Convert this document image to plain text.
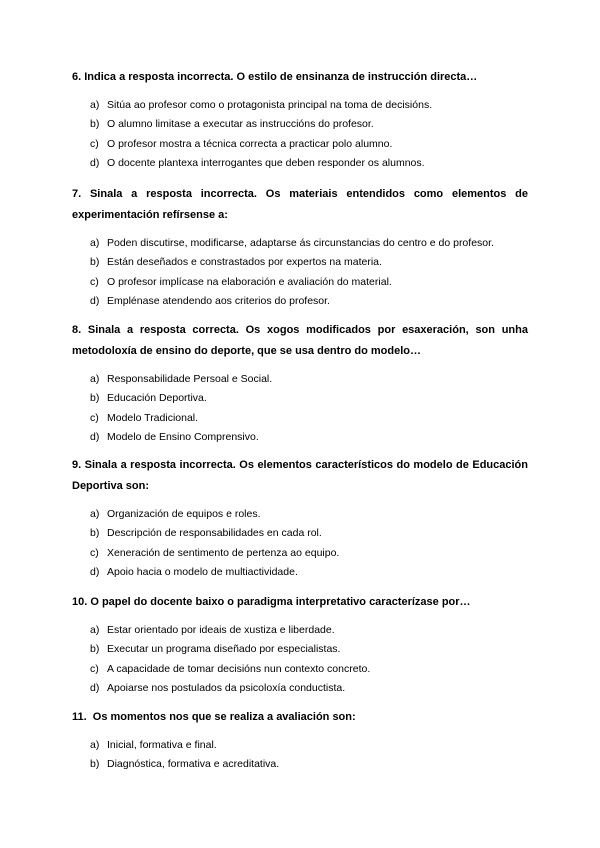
6. Indica a resposta incorrecta. O estilo de ensinanza de instrucción directa…

a) Sitúa ao profesor como o protagonista principal na toma de decisións.
b) O alumno limitase a executar as instruccións do profesor.
c) O profesor mostra a técnica correcta a practicar polo alumno.
d) O docente plantexa interrogantes que deben responder os alumnos.

7. Sinala a resposta incorrecta. Os materiais entendidos como elementos de experimentación refírsense a:

a) Poden discutirse, modificarse, adaptarse ás circunstancias do centro e do profesor.
b) Están deseñados e constrastados por expertos na materia.
c) O profesor implícase na elaboración e avaliación do material.
d) Emplénase atendendo aos criterios do profesor.

8. Sinala a resposta correcta. Os xogos modificados por esaxeración, son unha metodoloxía de ensino do deporte, que se usa dentro do modelo…

a) Responsabilidade Persoal e Social.
b) Educación Deportiva.
c) Modelo Tradicional.
d) Modelo de Ensino Comprensivo.

9. Sinala a resposta incorrecta. Os elementos característicos do modelo de Educación Deportiva son:

a) Organización de equipos e roles.
b) Descripción de responsabilidades en cada rol.
c) Xeneración de sentimento de pertenza ao equipo.
d) Apoio hacia o modelo de multiactividade.

10. O papel do docente baixo o paradigma interpretativo caracterízase por…

a) Estar orientado por ideais de xustiza e liberdade.
b) Executar un programa diseñado por especialistas.
c) A capacidade de tomar decisións nun contexto concreto.
d) Apoiarse nos postulados da psicoloxía conductista.

11.  Os momentos nos que se realiza a avaliación son:

a) Inicial, formativa e final.
b) Diagnóstica, formativa e acreditativa.
